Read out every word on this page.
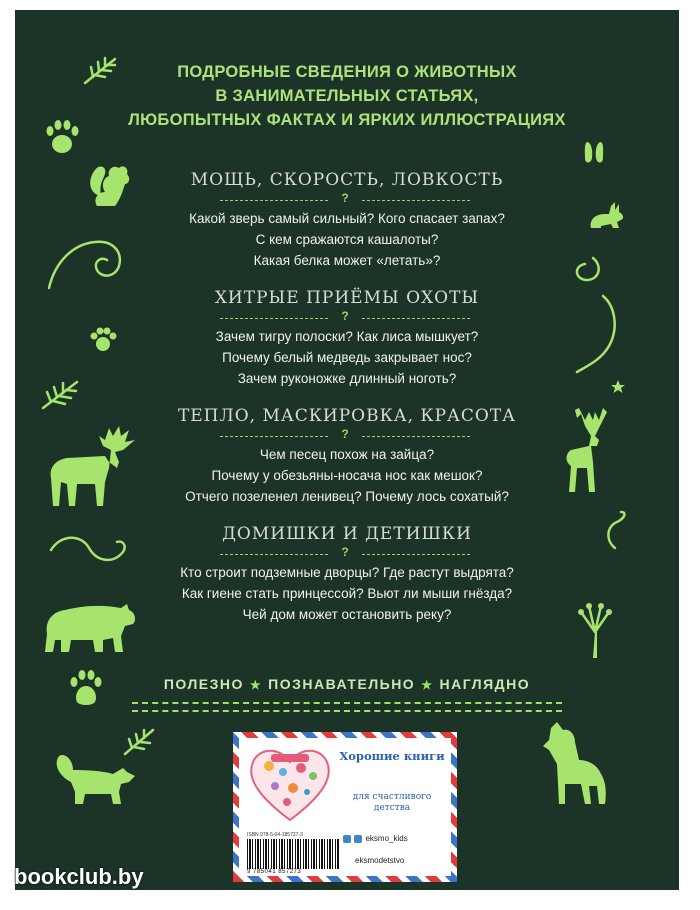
ПОДРОБНЫЕ СВЕДЕНИЯ О ЖИВОТНЫХ
В ЗАНИМАТЕЛЬНЫХ СТАТЬЯХ,
ЛЮБОПЫТНЫХ ФАКТАХ И ЯРКИХ ИЛЛЮСТРАЦИЯХ
МОЩЬ, СКОРОСТЬ, ЛОВКОСТЬ
?
Какой зверь самый сильный? Кого спасает запах?
С кем сражаются кашалоты?
Какая белка может «летать»?
ХИТРЫЕ ПРИЁМЫ ОХОТЫ
?
Зачем тигру полоски? Как лиса мышкует?
Почему белый медведь закрывает нос?
Зачем руконожке длинный ноготь?
ТЕПЛО, МАСКИРОВКА, КРАСОТА
?
Чем песец похож на зайца?
Почему у обезьяны-носача нос как мешок?
Отчего позеленел ленивец? Почему лось сохатый?
ДОМИШКИ И ДЕТИШКИ
?
Кто строит подземные дворцы? Где растут выдрята?
Как гиене стать принцессой? Вьют ли мыши гнёзда?
Чей дом может остановить реку?
ПОЛЕЗНО ★ ПОЗНАВАТЕЛЬНО ★ НАГЛЯДНО
Хорошие книги
для счастливого детства
ISBN 978-5-04-185727-3
9 785041 857273
eksmo_kids
eksmodetstvo
bookclub.by
